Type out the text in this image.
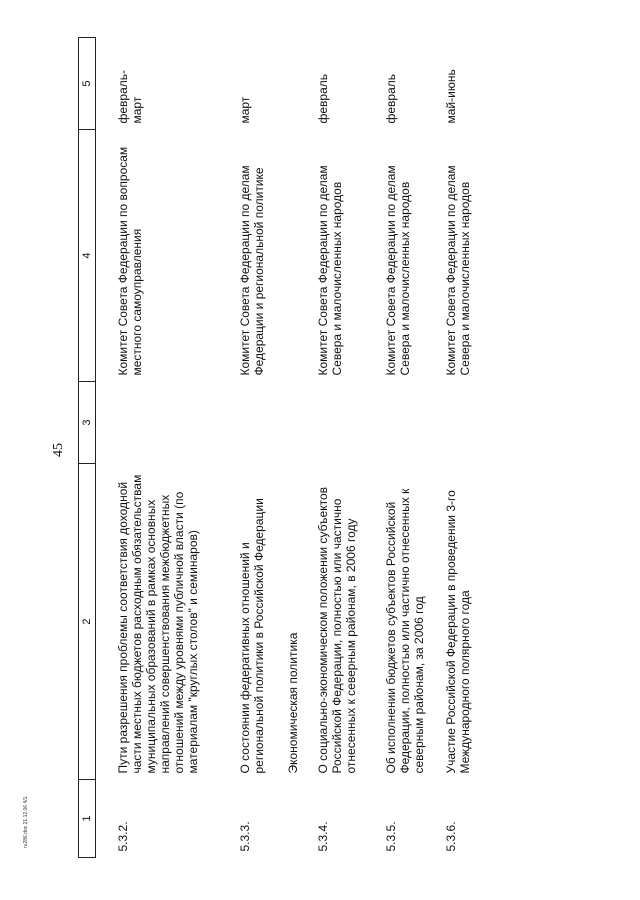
45
1	2	3	4	5
5.3.2.	Пути разрешения проблемы соответствия доходной части местных бюджетов расходным обязательствам муниципальных образований в рамках основных направлений совершенствования межбюджетных отношений между уровнями публичной власти (по материалам "круглых столов" и семинаров)		Комитет Совета Федерации по вопросам местного самоуправления	февраль-март
5.3.3.	О состоянии федеративных отношений и региональной политики в Российской Федерации		Комитет Совета Федерации по делам Федерации и региональной политике	март
	Экономическая политика			
5.3.4.	О социально-экономическом положении субъектов Российской Федерации, полностью или частично отнесенных к северным районам, в 2006 году		Комитет Совета Федерации по делам Севера и малочисленных народов	февраль
5.3.5.	Об исполнении бюджетов субъектов Российской Федерации, полностью или частично отнесенных к северным районам, за 2006 год		Комитет Совета Федерации по делам Севера и малочисленных народов	февраль
5.3.6.	Участие Российской Федерации в проведении 3-го Международного полярного года		Комитет Совета Федерации по делам Севера и малочисленных народов	май-июнь
ru286.doc 21.12.06 4/1
